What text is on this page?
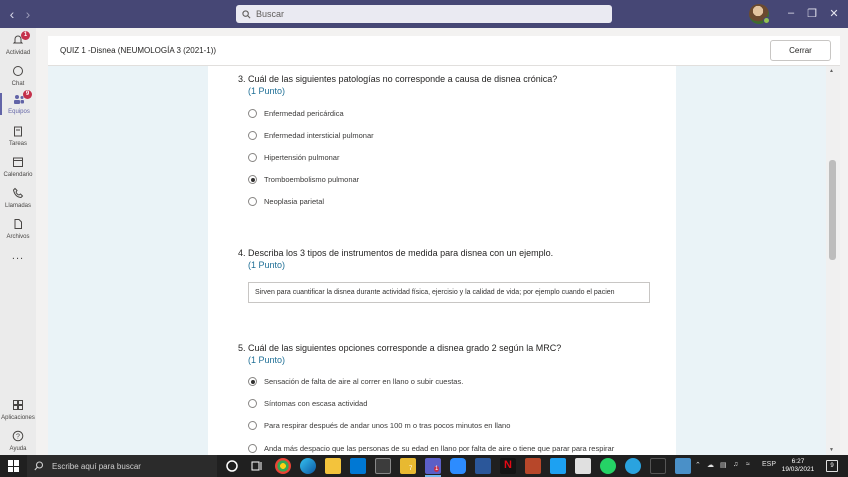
‹ ›	Buscar	–	❐ ✕
1
Actividad
Chat
9
Equipos
Tareas
Calendario
Llamadas
Archivos
...
Aplicaciones
?
Ayuda
QUIZ 1 -Disnea (NEUMOLOGÍA 3 (2021-1))	Cerrar
3. Cuál de las siguientes patologías no corresponde a causa de disnea crónica?
(1 Punto)
Enfermedad pericárdica
Enfermedad intersticial pulmonar
Hipertensión pulmonar
Tromboembolismo pulmonar
Neoplasia parietal
4. Describa los 3 tipos de instrumentos de medida para disnea con un ejemplo.
(1 Punto)
Sirven para cuantificar la disnea durante actividad física, ejercisio y la calidad de vida; por ejemplo cuando el pacien
5. Cuál de las siguientes opciones corresponde a disnea grado 2 según la MRC?
(1 Punto)
Sensación de falta de aire al correr en llano o subir cuestas.
Síntomas con escasa actividad
Para respirar después de andar unos 100 m o tras pocos minutos en llano
Anda más despacio que las personas de su edad en llano por falta de aire o tiene que parar para respirar
▲
▼
Escribe aquí para buscar	7	1	N	⌃ ☁ ▤ ♫ ≈ ESP	6:27
19/03/2021	9
